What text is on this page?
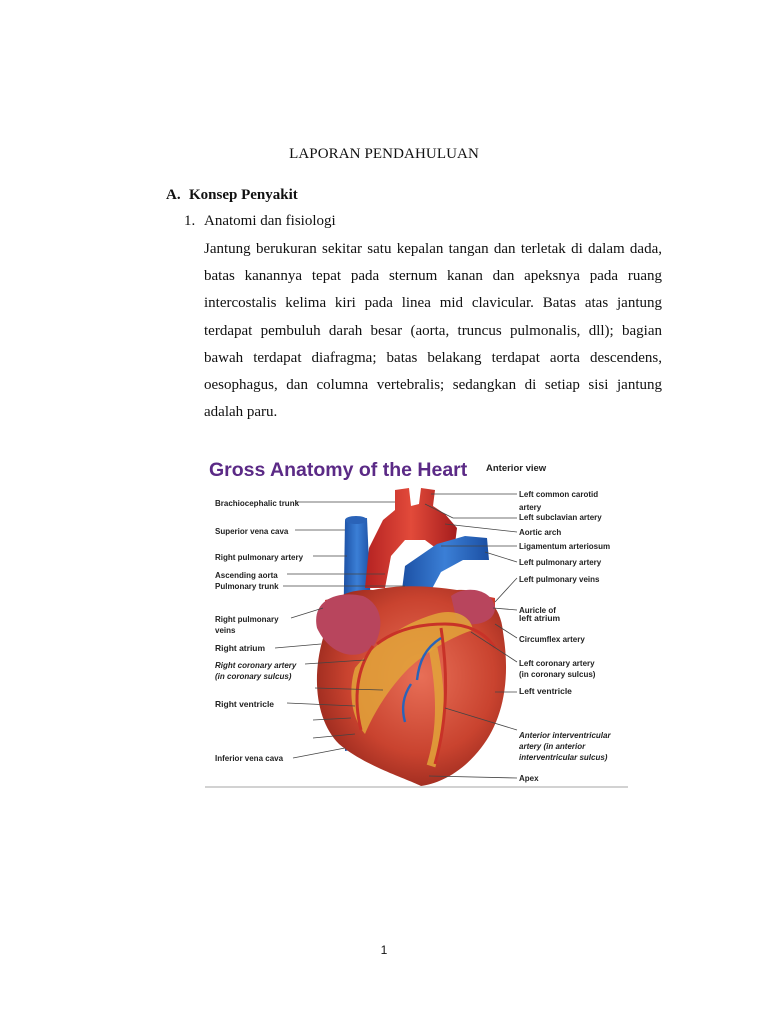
LAPORAN PENDAHULUAN
A. Konsep Penyakit
1. Anatomi dan fisiologi
Jantung berukuran sekitar satu kepalan tangan dan terletak di dalam dada,
batas kanannya tepat pada sternum kanan dan apeksnya pada ruang
intercostalis kelima kiri pada linea mid clavicular. Batas atas jantung
terdapat pembuluh darah besar (aorta, truncus pulmonalis, dll); bagian
bawah terdapat diafragma; batas belakang terdapat aorta descendens,
oesophagus, dan columna vertebralis; sedangkan di setiap sisi jantung
adalah paru.
Gross Anatomy of the Heart Anterior view
Brachiocephalic trunk
Superior vena cava
Right pulmonary artery
Ascending aorta
Pulmonary trunk
Right pulmonary
veins
Right atrium
Right coronary artery
(in coronary sulcus)
Right ventricle
Inferior vena cava
Left common carotid
artery
Left subclavian artery
Aortic arch
Ligamentum arteriosum
Left pulmonary artery
Left pulmonary veins
Auricle of
left atrium
Circumflex artery
Left coronary artery
(in coronary sulcus)
Left ventricle
Anterior interventricular
artery (in anterior
interventricular sulcus)
Apex
1
